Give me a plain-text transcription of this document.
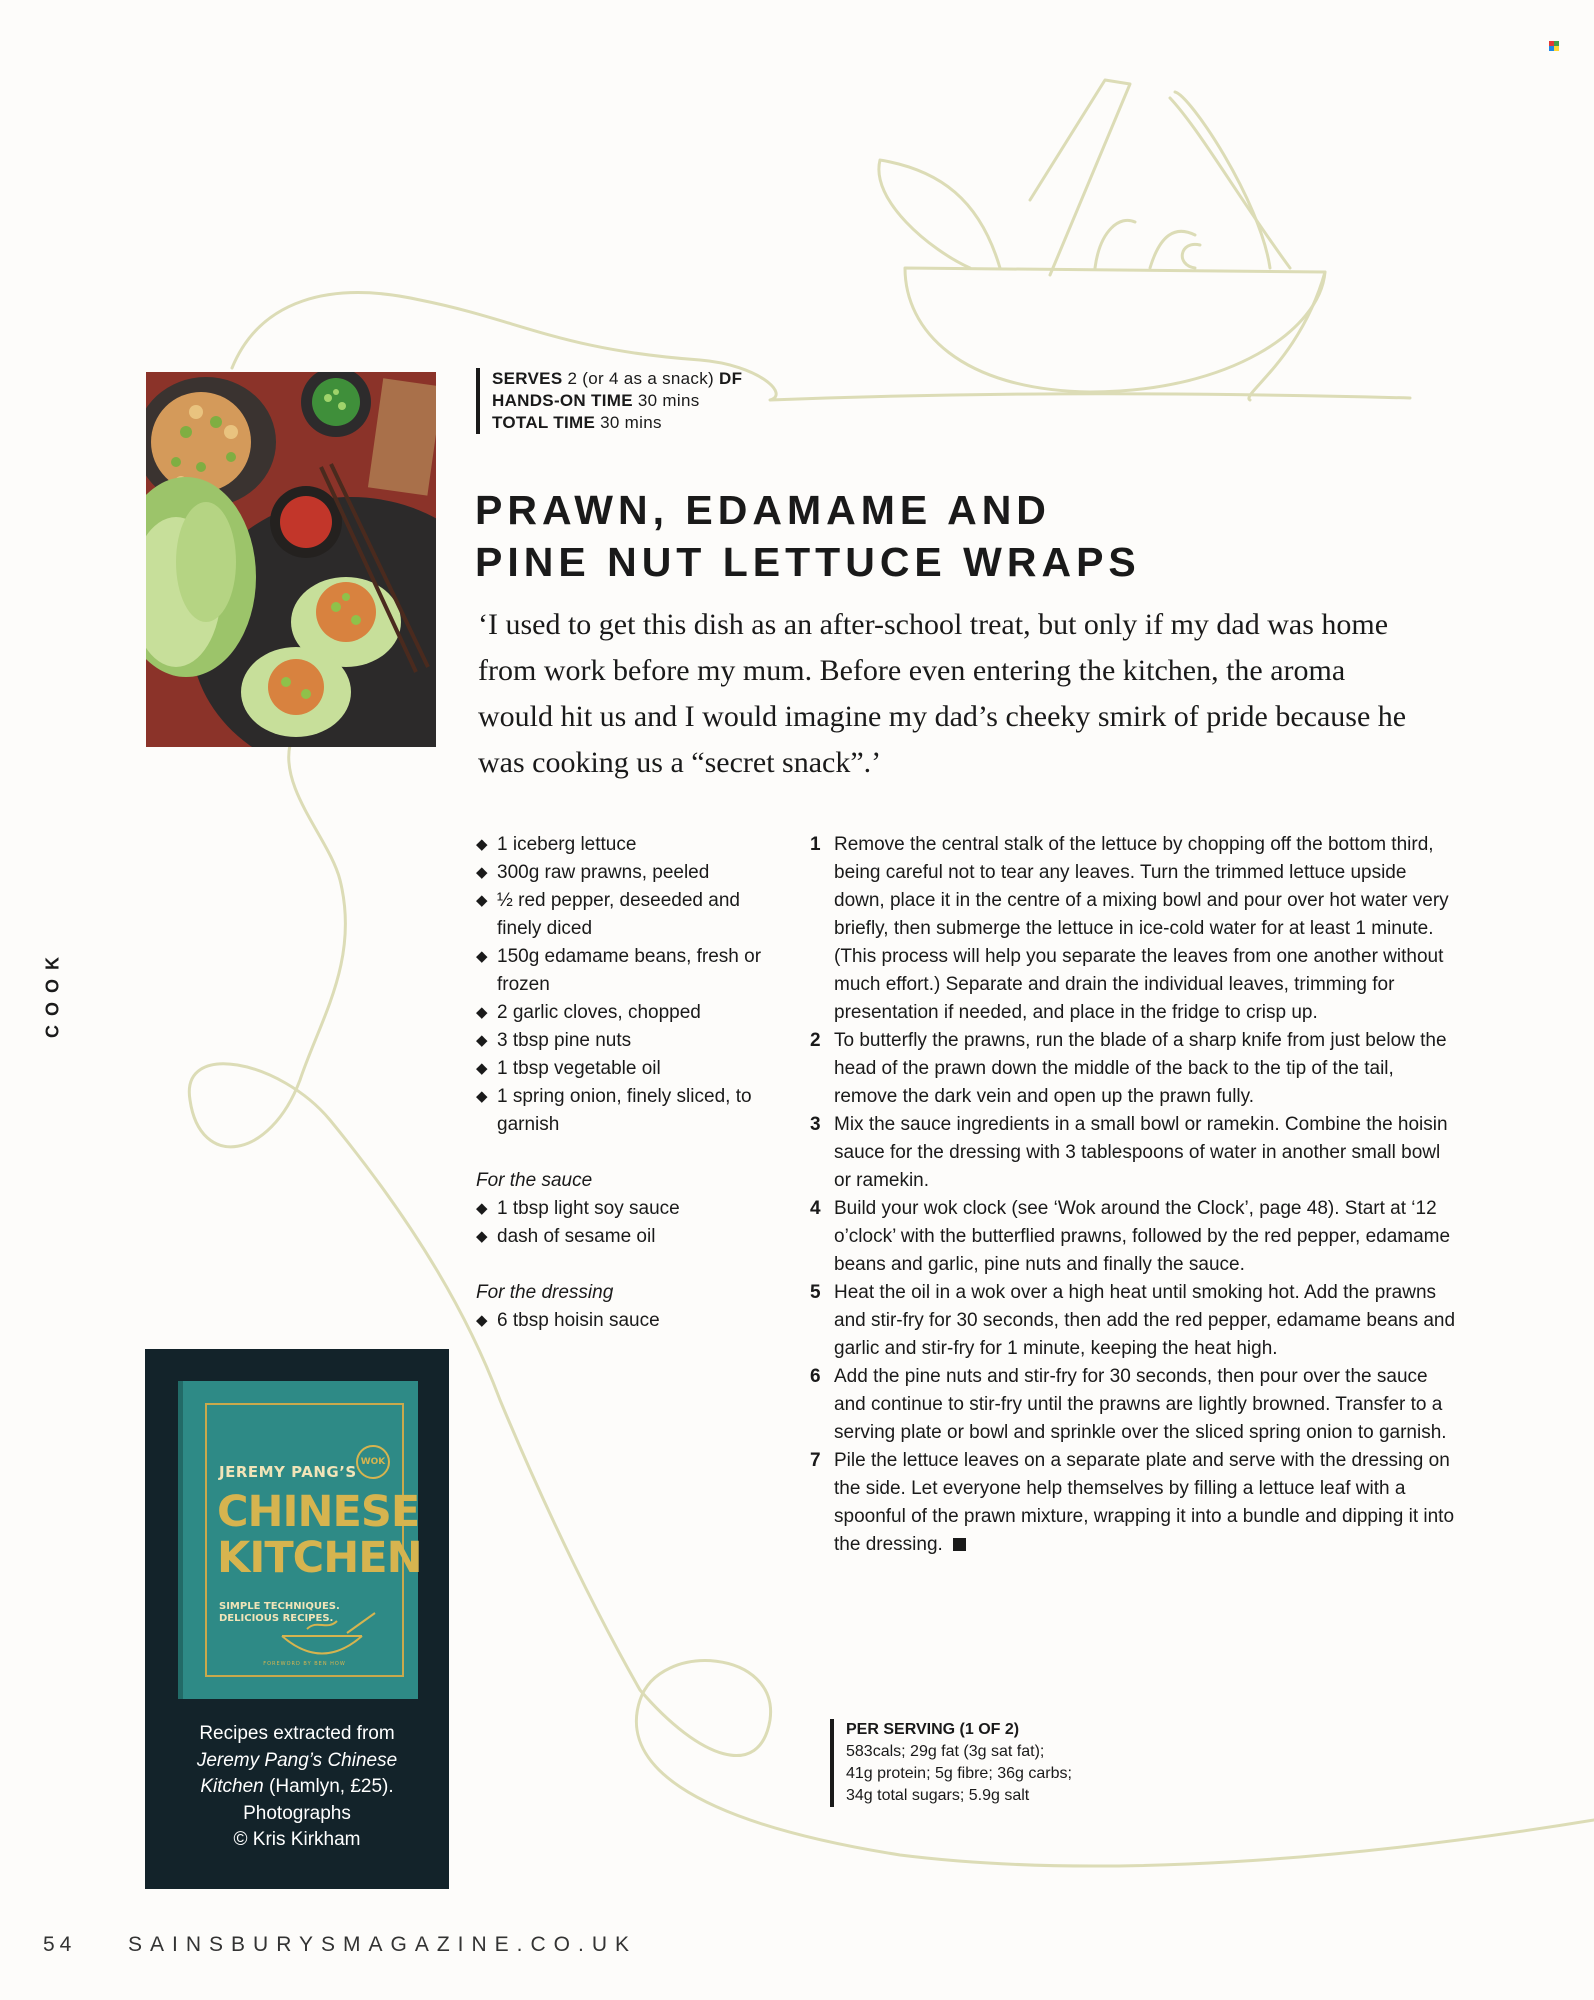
SERVES 2 (or 4 as a snack) DF
HANDS-ON TIME 30 mins
TOTAL TIME 30 mins
PRAWN, EDAMAME AND
PINE NUT LETTUCE WRAPS
‘I used to get this dish as an after-school treat, but only if my dad was home from work before my mum. Before even entering the kitchen, the aroma would hit us and I would imagine my dad’s cheeky smirk of pride because he was cooking us a “secret snack”.’
◆ 1 iceberg lettuce
◆ 300g raw prawns, peeled
◆ ½ red pepper, deseeded and finely diced
◆ 150g edamame beans, fresh or frozen
◆ 2 garlic cloves, chopped
◆ 3 tbsp pine nuts
◆ 1 tbsp vegetable oil
◆ 1 spring onion, finely sliced, to garnish
For the sauce
◆ 1 tbsp light soy sauce
◆ dash of sesame oil
For the dressing
◆ 6 tbsp hoisin sauce
1 Remove the central stalk of the lettuce by chopping off the bottom third, being careful not to tear any leaves. Turn the trimmed lettuce upside down, place it in the centre of a mixing bowl and pour over hot water very briefly, then submerge the lettuce in ice-cold water for at least 1 minute. (This process will help you separate the leaves from one another without much effort.) Separate and drain the individual leaves, trimming for presentation if needed, and place in the fridge to crisp up.
2 To butterfly the prawns, run the blade of a sharp knife from just below the head of the prawn down the middle of the back to the tip of the tail, remove the dark vein and open up the prawn fully.
3 Mix the sauce ingredients in a small bowl or ramekin. Combine the hoisin sauce for the dressing with 3 tablespoons of water in another small bowl or ramekin.
4 Build your wok clock (see ‘Wok around the Clock’, page 48). Start at ‘12 o’clock’ with the butterflied prawns, followed by the red pepper, edamame beans and garlic, pine nuts and finally the sauce.
5 Heat the oil in a wok over a high heat until smoking hot. Add the prawns and stir-fry for 30 seconds, then add the red pepper, edamame beans and garlic and stir-fry for 1 minute, keeping the heat high.
6 Add the pine nuts and stir-fry for 30 seconds, then pour over the sauce and continue to stir-fry until the prawns are lightly browned. Transfer to a serving plate or bowl and sprinkle over the sliced spring onion to garnish.
7 Pile the lettuce leaves on a separate plate and serve with the dressing on the side. Let everyone help themselves by filling a lettuce leaf with a spoonful of the prawn mixture, wrapping it into a bundle and dipping it into the dressing.
PER SERVING (1 OF 2)
583cals; 29g fat (3g sat fat);
41g protein; 5g fibre; 36g carbs;
34g total sugars; 5.9g salt
WOK
JEREMY PANG’S
CHINESE
KITCHEN
SIMPLE TECHNIQUES.
DELICIOUS RECIPES.
FOREWORD BY BEN HOW
Recipes extracted from
Jeremy Pang’s Chinese
Kitchen (Hamlyn, £25).
Photographs
© Kris Kirkham
COOK
54 SAINSBURYSMAGAZINE.CO.UK
